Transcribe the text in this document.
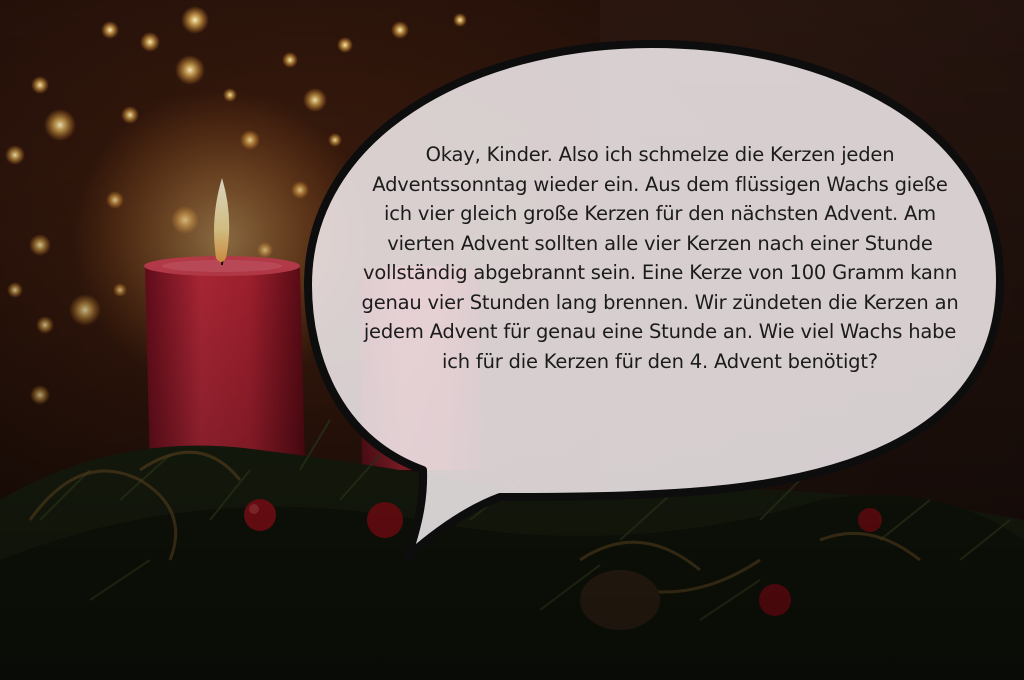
Okay, Kinder. Also ich schmelze die Kerzen jeden Adventssonntag wieder ein. Aus dem flüssigen Wachs gieße ich vier gleich große Kerzen für den nächsten Advent. Am vierten Advent sollten alle vier Kerzen nach einer Stunde vollständig abgebrannt sein. Eine Kerze von 100 Gramm kann genau vier Stunden lang brennen. Wir zündeten die Kerzen an jedem Advent für genau eine Stunde an. Wie viel Wachs habe ich für die Kerzen für den 4. Advent benötigt?
